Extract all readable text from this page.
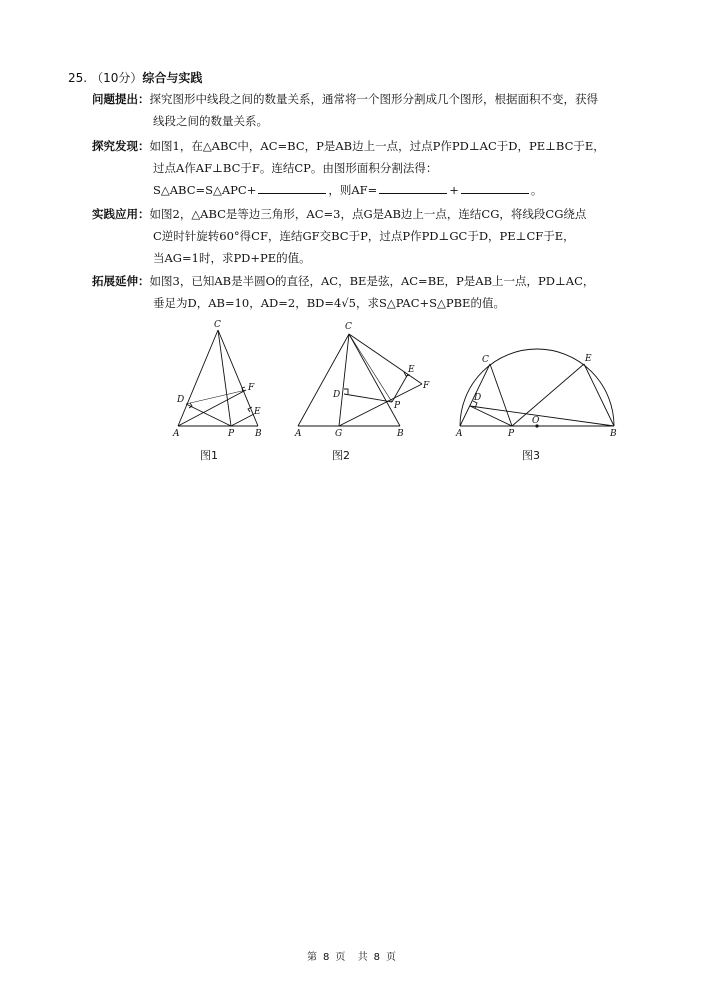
25. （10分）综合与实践
问题提出：探究图形中线段之间的数量关系，通常将一个图形分割成几个图形，根据面积不变，获得
线段之间的数量关系。
探究发现：如图1，在△ABC中，AC=BC，P是AB边上一点，过点P作PD⊥AC于D，PE⊥BC于E，
过点A作AF⊥BC于F。连结CP。由图形面积分割法得：
S△ABC=S△APC+	，则AF=	+	。
实践应用：如图2，△ABC是等边三角形，AC=3，点G是AB边上一点，连结CG，将线段CG绕点
C逆时针旋转60°得CF，连结GF交BC于P，过点P作PD⊥GC于D，PE⊥CF于E，
当AG=1时，求PD+PE的值。
拓展延伸：如图3，已知AB是半圆O的直径，AC，BE是弦，AC=BE，P是AB上一点，PD⊥AC，
垂足为D，AB=10，AD=2，BD=4√5，求S△PAC+S△PBE的值。
C
D
F
E
A	P B
图1
C
D
E
F
P
A	G	B
图2
C	E
D
A	P
O
B
图3
第 8 页 共 8 页
